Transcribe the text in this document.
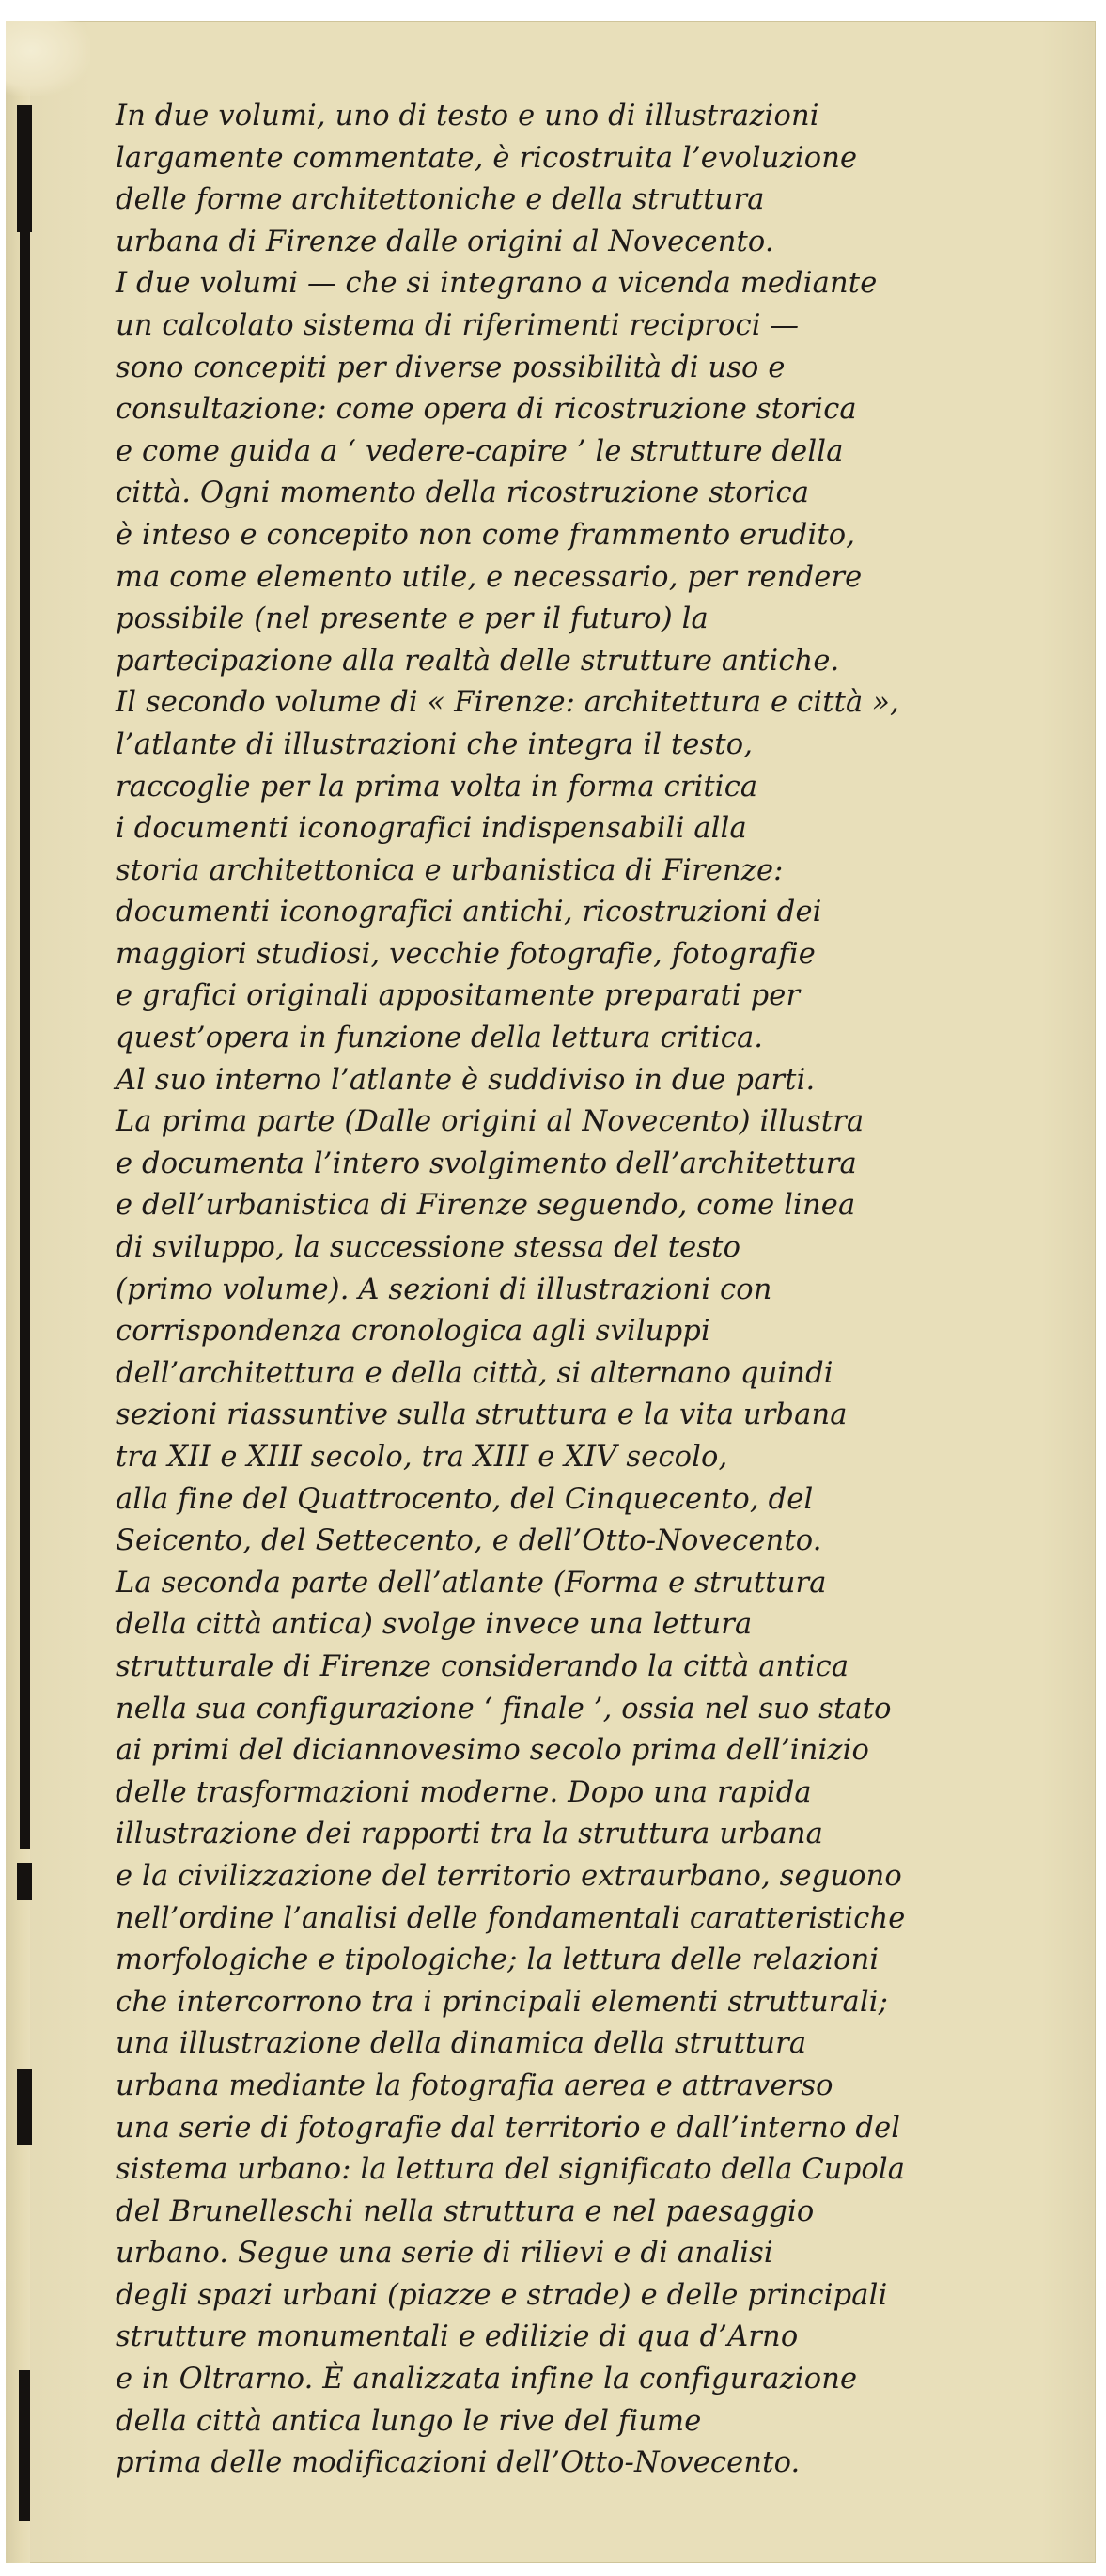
In due volumi, uno di testo e uno di illustrazioni
largamente commentate, è ricostruita l’evoluzione
delle forme architettoniche e della struttura
urbana di Firenze dalle origini al Novecento.
I due volumi — che si integrano a vicenda mediante
un calcolato sistema di riferimenti reciproci —
sono concepiti per diverse possibilità di uso e
consultazione: come opera di ricostruzione storica
e come guida a ‘ vedere-capire ’ le strutture della
città. Ogni momento della ricostruzione storica
è inteso e concepito non come frammento erudito,
ma come elemento utile, e necessario, per rendere
possibile (nel presente e per il futuro) la
partecipazione alla realtà delle strutture antiche.
Il secondo volume di « Firenze: architettura e città »,
l’atlante di illustrazioni che integra il testo,
raccoglie per la prima volta in forma critica
i documenti iconografici indispensabili alla
storia architettonica e urbanistica di Firenze:
documenti iconografici antichi, ricostruzioni dei
maggiori studiosi, vecchie fotografie, fotografie
e grafici originali appositamente preparati per
quest’opera in funzione della lettura critica.
Al suo interno l’atlante è suddiviso in due parti.
La prima parte (Dalle origini al Novecento) illustra
e documenta l’intero svolgimento dell’architettura
e dell’urbanistica di Firenze seguendo, come linea
di sviluppo, la successione stessa del testo
(primo volume). A sezioni di illustrazioni con
corrispondenza cronologica agli sviluppi
dell’architettura e della città, si alternano quindi
sezioni riassuntive sulla struttura e la vita urbana
tra XII e XIII secolo, tra XIII e XIV secolo,
alla fine del Quattrocento, del Cinquecento, del
Seicento, del Settecento, e dell’Otto-Novecento.
La seconda parte dell’atlante (Forma e struttura
della città antica) svolge invece una lettura
strutturale di Firenze considerando la città antica
nella sua configurazione ‘ finale ’, ossia nel suo stato
ai primi del diciannovesimo secolo prima dell’inizio
delle trasformazioni moderne. Dopo una rapida
illustrazione dei rapporti tra la struttura urbana
e la civilizzazione del territorio extraurbano, seguono
nell’ordine l’analisi delle fondamentali caratteristiche
morfologiche e tipologiche; la lettura delle relazioni
che intercorrono tra i principali elementi strutturali;
una illustrazione della dinamica della struttura
urbana mediante la fotografia aerea e attraverso
una serie di fotografie dal territorio e dall’interno del
sistema urbano: la lettura del significato della Cupola
del Brunelleschi nella struttura e nel paesaggio
urbano. Segue una serie di rilievi e di analisi
degli spazi urbani (piazze e strade) e delle principali
strutture monumentali e edilizie di qua d’Arno
e in Oltrarno. È analizzata infine la configurazione
della città antica lungo le rive del fiume
prima delle modificazioni dell’Otto-Novecento.
